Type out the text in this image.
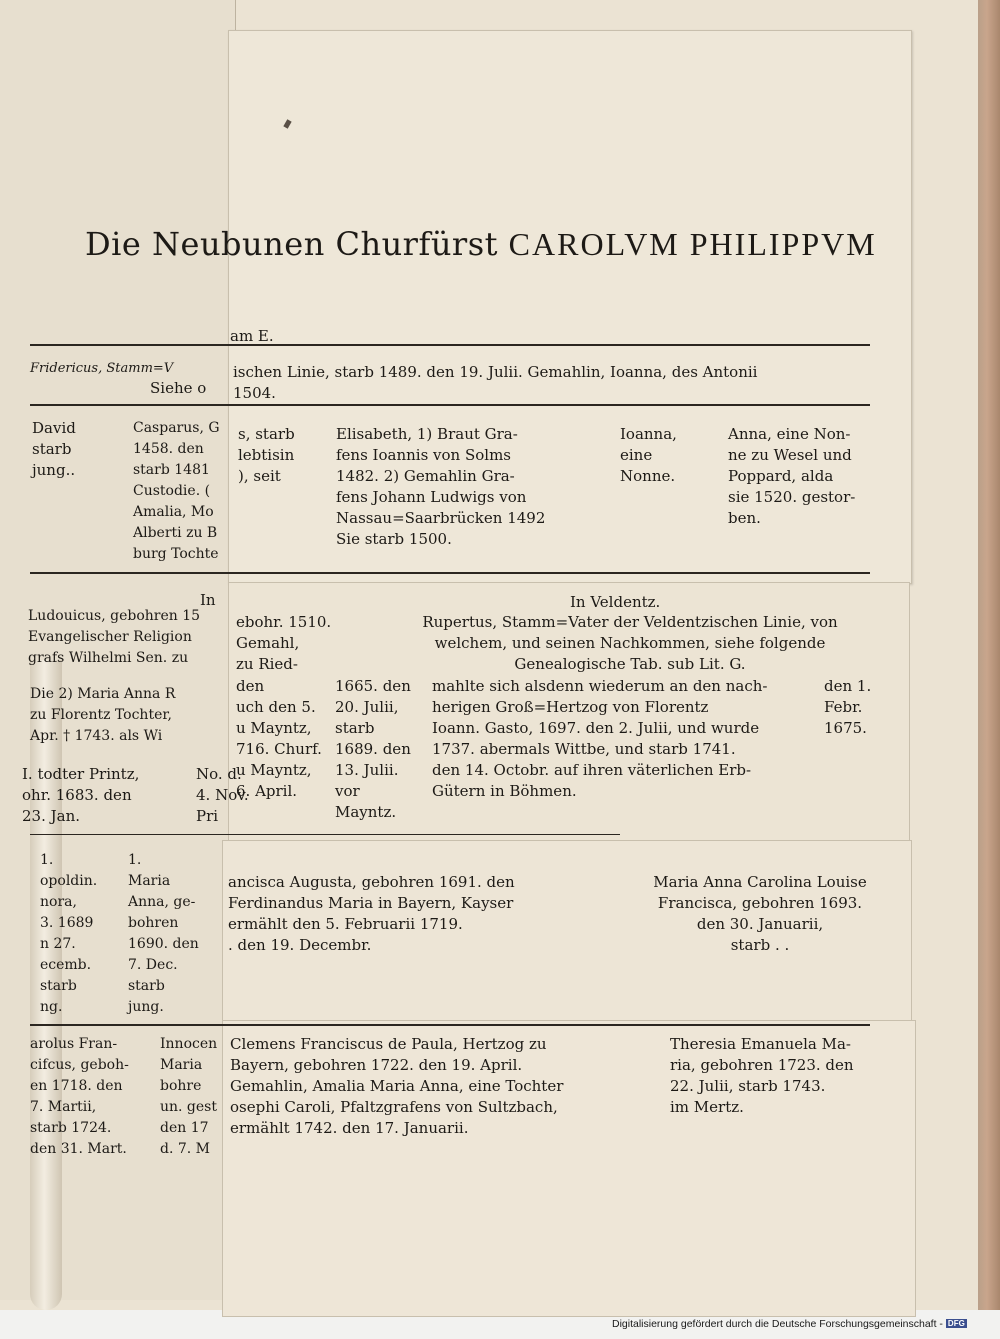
Die Neubunen Churfürst CAROLVM PHILIPPVM
am E.
Fridericus, Stamm=V
Siehe o
ischen Linie, starb 1489. den 19. Julii. Gemahlin, Ioanna, des Antonii
1504.
David
starb
jung..
Casparus, G
1458. den
starb 1481
Custodie. (
Amalia, Mo
Alberti zu B
burg Tochte
s, starb
lebtisin
), seit
Elisabeth, 1) Braut Gra-
fens Ioannis von Solms
1482. 2) Gemahlin Gra-
fens Johann Ludwigs von
Nassau=Saarbrücken 1492
Sie starb 1500.
Ioanna,
eine
Nonne.
Anna, eine Non-
ne zu Wesel und
Poppard, alda
sie 1520. gestor-
ben.
In
Ludouicus, gebohren 15
Evangelischer Religion
grafs Wilhelmi Sen. zu
ebohr. 1510.
Gemahl,
zu Ried-
In Veldentz.
Rupertus, Stamm=Vater der Veldentzischen Linie, von
welchem, und seinen Nachkommen, siehe folgende
Genealogische Tab. sub Lit. G.
Die 2) Maria Anna R
zu Florentz Tochter,
Apr. † 1743. als Wi
I. todter Printz,
ohr. 1683. den
23. Jan.
No. d. 4. Nov.
Pri
den
uch den 5.
u Mayntz,
716. Churf.
u Mayntz,
6. April.
1665. den
20. Julii,
starb
1689. den
13. Julii.
vor
Mayntz.
mahlte sich alsdenn wiederum an den nach-
herigen Groß=Hertzog von Florentz
Ioann. Gasto, 1697. den 2. Julii, und wurde
1737. abermals Wittbe, und starb 1741.
den 14. Octobr. auf ihren väterlichen Erb-
Gütern in Böhmen.
den 1.
Febr.
1675.
1.
opoldin.
nora,
3. 1689
n 27.
ecemb.
starb
ng.
1.
Maria
Anna, ge-
bohren
1690. den
7. Dec.
starb
jung.
ancisca Augusta, gebohren 1691. den
Ferdinandus Maria in Bayern, Kayser
ermählt den 5. Februarii 1719.
. den 19. Decembr.
Maria Anna Carolina Louise
Francisca, gebohren 1693.
den 30. Januarii,
starb . .
arolus Fran-
cifcus, geboh-
en 1718. den
7. Martii,
starb 1724.
den 31. Mart.
Innocen
Maria
bohre
un. gest
den 17
d. 7. M
Clemens Franciscus de Paula, Hertzog zu
Bayern, gebohren 1722. den 19. April.
Gemahlin, Amalia Maria Anna, eine Tochter
osephi Caroli, Pfaltzgrafens von Sultzbach,
ermählt 1742. den 17. Januarii.
Theresia Emanuela Ma-
ria, gebohren 1723. den
22. Julii, starb 1743.
im Mertz.
Digitalisierung gefördert durch die Deutsche Forschungsgemeinschaft - DFG
